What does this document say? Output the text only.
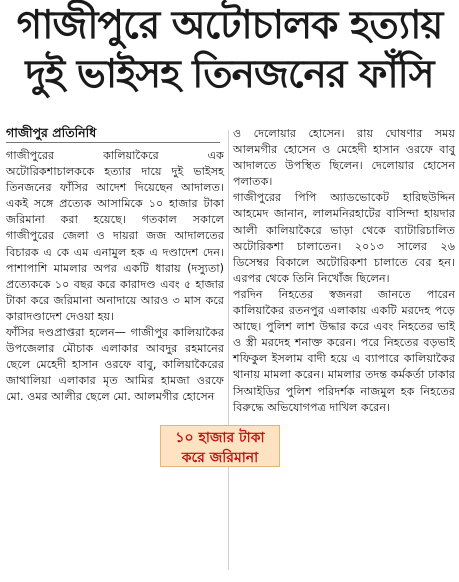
গাজীপুরে অটোচালক হত্যায়
দুই ভাইসহ তিনজনের ফাঁসি
গাজীপুর প্রতিনিধি

গাজীপুরের কালিয়াকৈরে এক অটোরিকশাচালককে হত্যার দায়ে দুই ভাইসহ তিনজনের ফাঁসির আদেশ দিয়েছেন আদালত। একই সঙ্গে প্রত্যেক আসামিকে ১০ হাজার টাকা জরিমানা করা হয়েছে। গতকাল সকালে গাজীপুরের জেলা ও দায়রা জজ আদালতের বিচারক এ কে এম এনামুল হক এ দণ্ডাদেশ দেন। পাশাপাশি মামলার অপর একটি ধারায় (দস্যুতা) প্রত্যেককে ১০ বছর করে কারাদণ্ড এবং ৫ হাজার টাকা করে জরিমানা অনাদায়ে আরও ৩ মাস করে কারাদণ্ডাদেশ দেওয়া হয়।

ফাঁসির দণ্ডপ্রাপ্তরা হলেন— গাজীপুর কালিয়াকৈর উপজেলার মৌচাক এলাকার আবদুর রহমানের ছেলে মেহেদী হাসান ওরফে বাবু, কালিয়াকৈরের জাথালিয়া এলাকার মৃত আমির হামজা ওরফে মো. ওমর আলীর ছেলে মো. আলমগীর হোসেন

ও দেলোয়ার হোসেন। রায় ঘোষণার সময় আলমগীর হোসেন ও মেহেদী হাসান ওরফে বাবু আদালতে উপস্থিত ছিলেন। দেলোয়ার হোসেন পলাতক।

গাজীপুরের পিপি অ্যাডভোকেট হারিছউদ্দিন আহমেদ জানান, লালমনিরহাটের বাসিন্দা হায়দার আলী কালিয়াকৈরে ভাড়া থেকে ব্যাটারিচালিত অটোরিকশা চালাতেন। ২০১৩ সালের ২৬ ডিসেম্বর বিকালে অটোরিকশা চালাতে বের হন। এরপর থেকে তিনি নিখোঁজ ছিলেন।

পরদিন নিহতের স্বজনরা জানতে পারেন কালিয়াকৈর রতনপুর এলাকায় একটি মরদেহ পড়ে আছে। পুলিশ লাশ উদ্ধার করে এবং নিহতের ভাই ও স্ত্রী মরদেহ শনাক্ত করেন। পরে নিহতের বড়ভাই শফিকুল ইসলাম বাদী হয়ে এ ব্যাপারে কালিয়াকৈর থানায় মামলা করেন। মামলার তদন্ত কর্মকর্তা ঢাকার সিআইডির পুলিশ পরিদর্শক নাজমুল হক নিহতের বিরুদ্ধে অভিযোগপত্র দাখিল করেন।

১০ হাজার টাকা
করে জরিমানা
